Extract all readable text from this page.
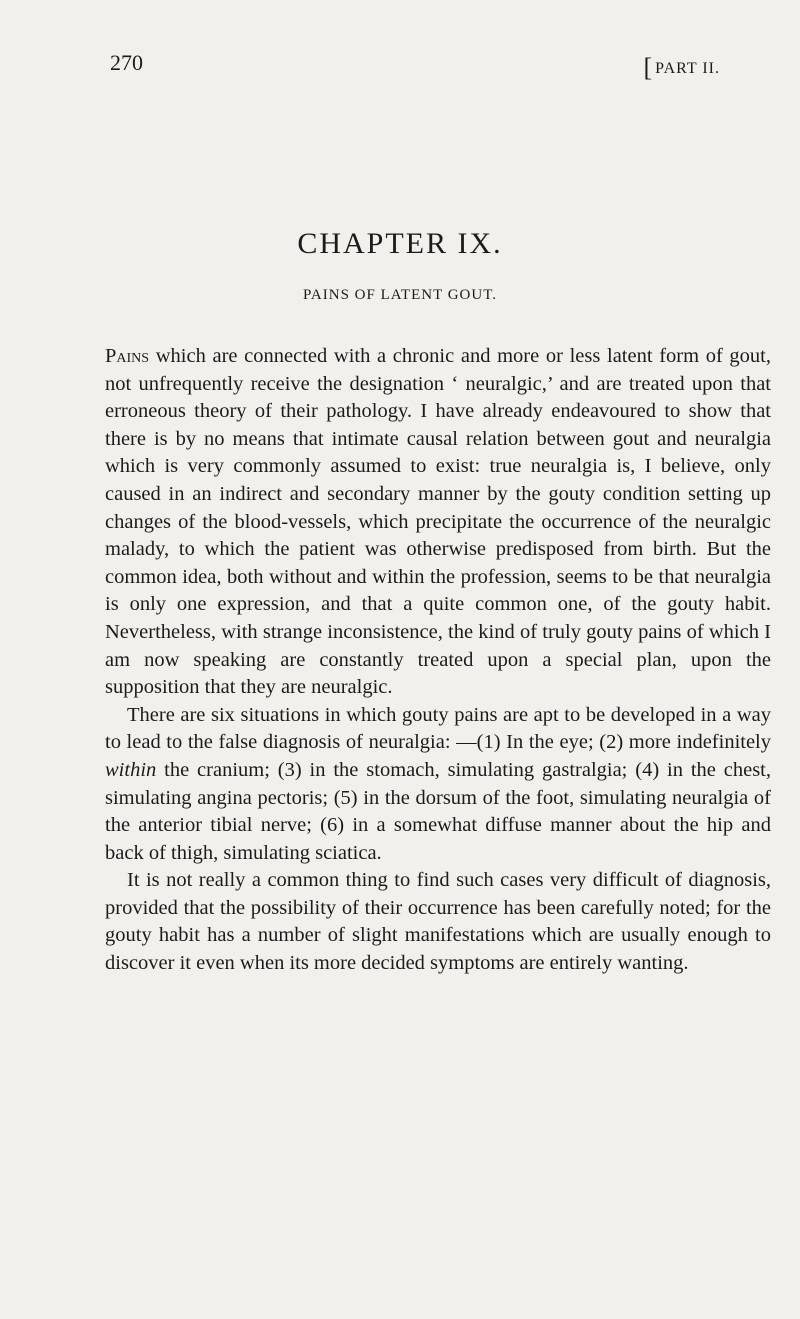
270	[ PART II.
CHAPTER IX.
PAINS OF LATENT GOUT.

Pains which are connected with a chronic and more or less latent form of gout, not unfrequently receive the designation ‘ neuralgic,’ and are treated upon that erroneous theory of their pathology. I have already endeavoured to show that there is by no means that intimate causal relation between gout and neuralgia which is very commonly assumed to exist: true neuralgia is, I believe, only caused in an indirect and secondary manner by the gouty condition setting up changes of the blood-vessels, which precipitate the occurrence of the neuralgic malady, to which the patient was otherwise predisposed from birth. But the common idea, both without and within the profession, seems to be that neuralgia is only one expression, and that a quite common one, of the gouty habit. Nevertheless, with strange inconsistence, the kind of truly gouty pains of which I am now speaking are constantly treated upon a special plan, upon the supposition that they are neuralgic.

There are six situations in which gouty pains are apt to be developed in a way to lead to the false diagnosis of neuralgia: —(1) In the eye; (2) more indefinitely within the cranium; (3) in the stomach, simulating gastralgia; (4) in the chest, simulating angina pectoris; (5) in the dorsum of the foot, simulating neuralgia of the anterior tibial nerve; (6) in a somewhat diffuse manner about the hip and back of thigh, simulating sciatica.

It is not really a common thing to find such cases very difficult of diagnosis, provided that the possibility of their occurrence has been carefully noted; for the gouty habit has a number of slight manifestations which are usually enough to discover it even when its more decided symptoms are entirely wanting.
